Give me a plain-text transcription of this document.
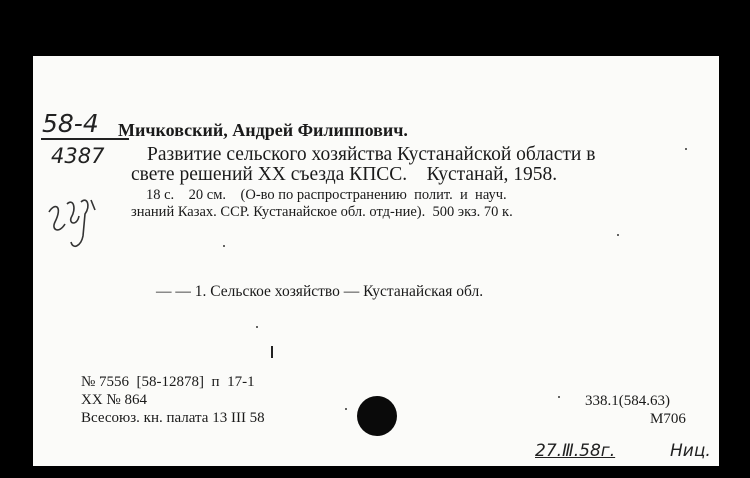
58-4
4387
Мичковский, Андрей Филиппович.
Развитие сельского хозяйства Кустанайской области в
свете решений XX съезда КПСС.    Кустанай, 1958.
18 с.    20 см.    (О-во по распространению  полит.  и  науч.
знаний Казах. ССР. Кустанайское обл. отд-ние).  500 экз. 70 к.
— — 1. Сельское хозяйство — Кустанайская обл.
№ 7556  [58-12878]  п  17-1
XX № 864
Всесоюз. кн. палата 13 III 58
338.1(584.63)
М706
27.Ⅲ.58г.	Ниц.
